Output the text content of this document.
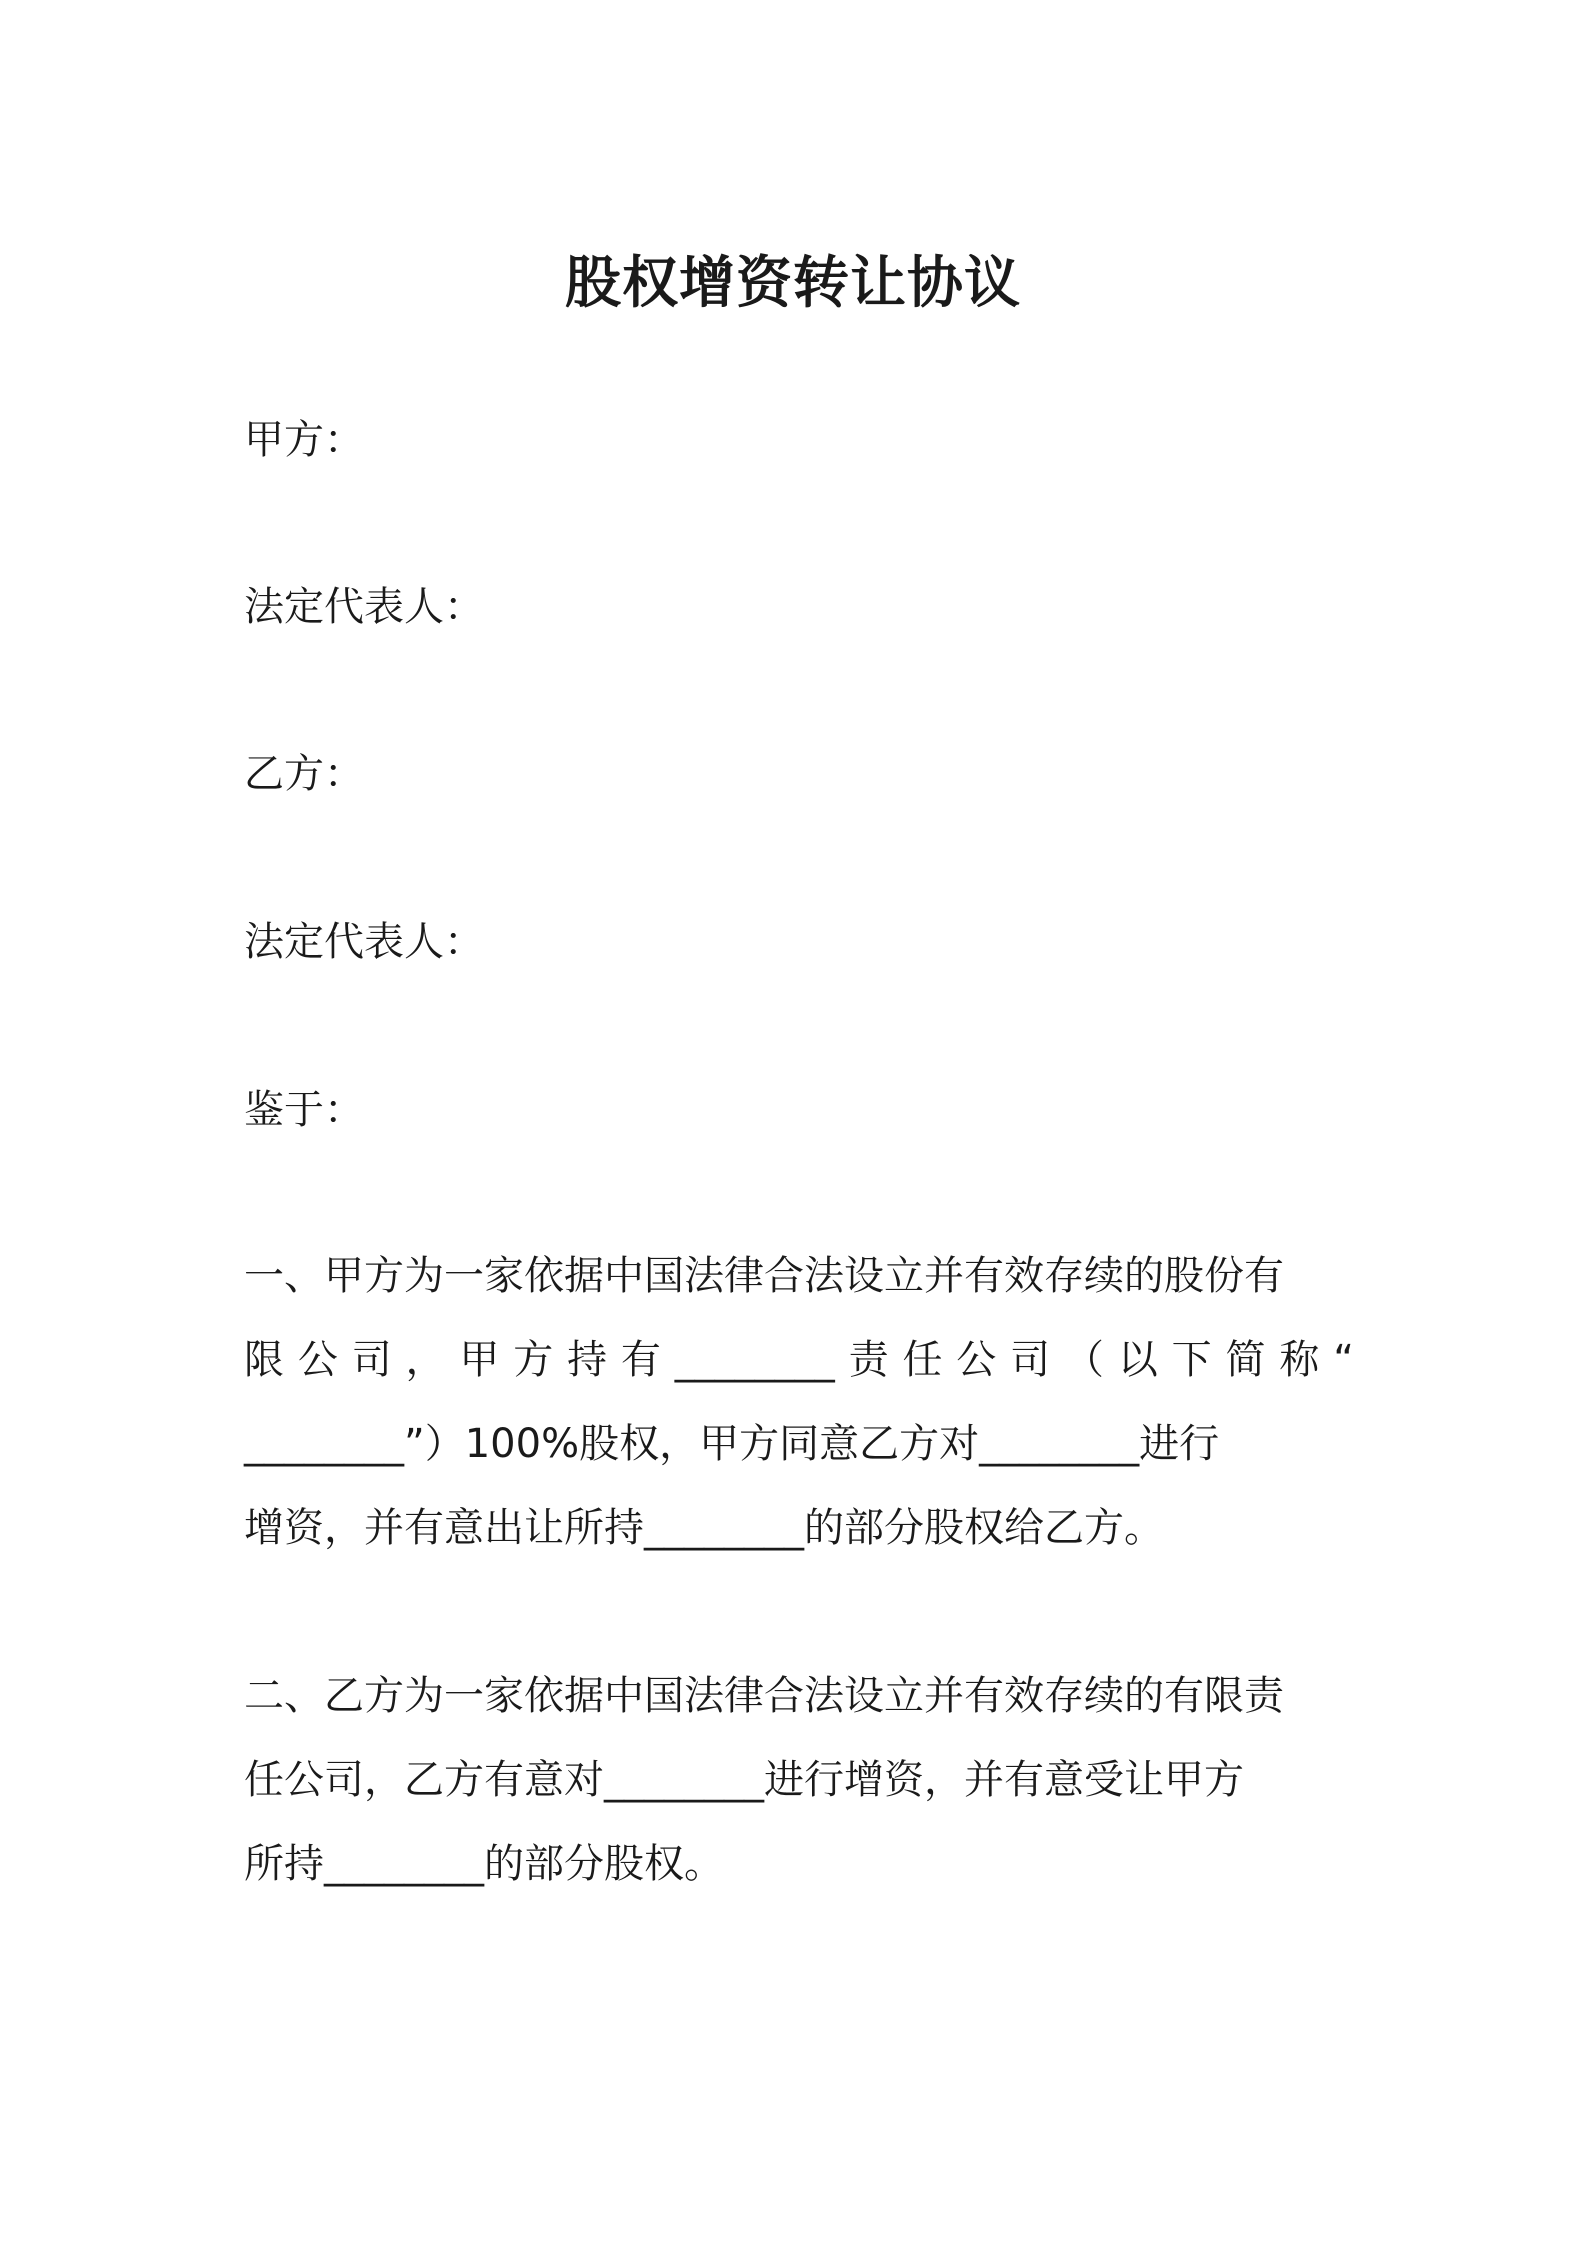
股权增资转让协议
甲方：
法定代表人：
乙方：
法定代表人：
鉴于：
一、甲方为一家依据中国法律合法设立并有效存续的股份有
限 公 司 ， 甲 方 持 有 ________ 责 任 公 司 （ 以 下 简 称 “
________”）100%股权，甲方同意乙方对________进行
增资，并有意出让所持________的部分股权给乙方。
二、乙方为一家依据中国法律合法设立并有效存续的有限责
任公司，乙方有意对________进行增资，并有意受让甲方
所持________的部分股权。
